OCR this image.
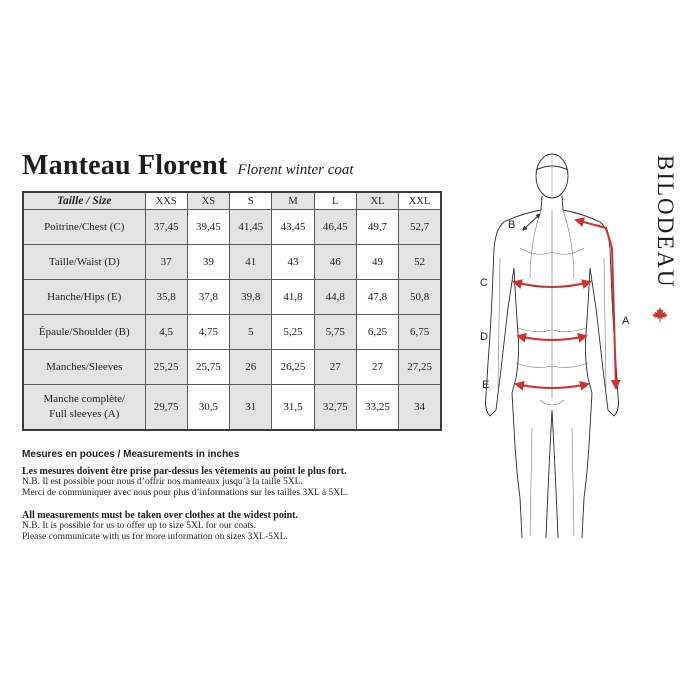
Manteau Florent Florent winter coat
Taille / Size	XXS	XS	S	M	L	XL	XXL

Poitrine/Chest (C)	37,45	39,45	41,45	43,45	46,45	49,7	52,7

Taille/Waist (D)	37	39	41	43	46	49	52

Hanche/Hips (E)	35,8	37,8	39,8	41,8	44,8	47,8	50,8

Épaule/Shoulder (B)	4,5	4,75	5	5,25	5,75	6,25	6,75

Manches/Sleeves	25,25	25,75	26	26,25	27	27	27,25

Manche complète/
Full sleeves (A)	29,75	30,5	31	31,5	32,75	33,25	34
Mesures en pouces / Measurements in inches
Les mesures doivent être prise par-dessus les vêtements au point le plus fort.
N.B. Il est possible pour nous d’offrir nos manteaux jusqu’à la taille 5XL.
Merci de communiquer avec nous pour plus d’informations sur les tailles 3XL à 5XL.
All measurements must be taken over clothes at the widest point.
N.B. It is possible for us to offer up to size 5XL for our coats.
Please communicate with us for more information on sizes 3XL-5XL.
BILODEAU
A
B
C
D
E
